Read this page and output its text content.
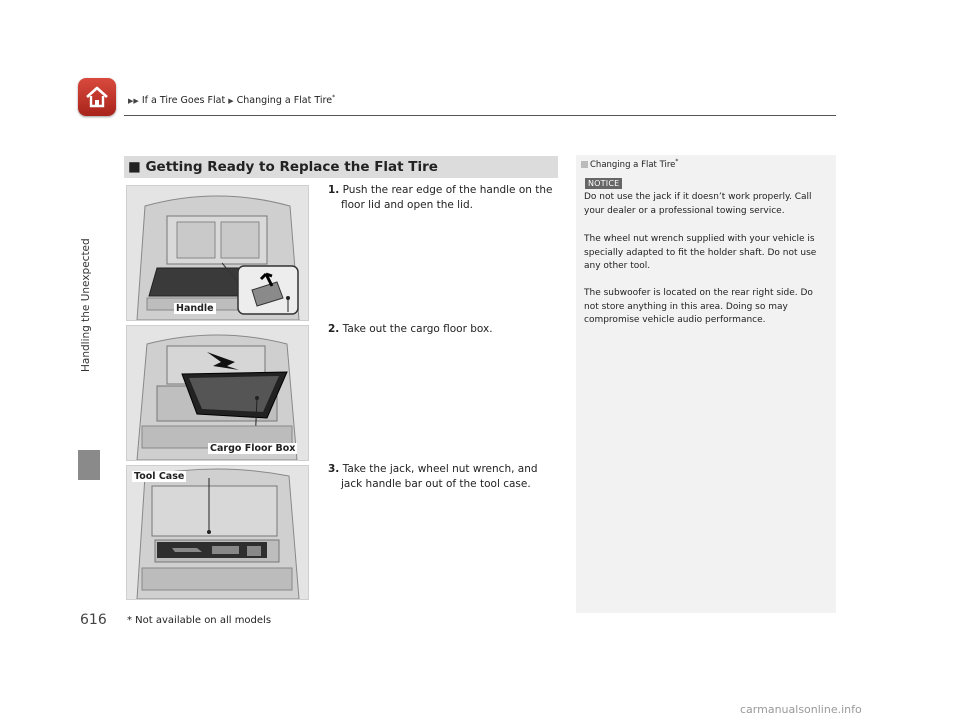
▶▶ If a Tire Goes Flat ▶ Changing a Flat Tire*
Handling the Unexpected
■ Getting Ready to Replace the Flat Tire
Handle
Cargo Floor Box
Tool Case
1. Push the rear edge of the handle on the floor lid and open the lid.
2. Take out the cargo floor box.
3. Take the jack, wheel nut wrench, and jack handle bar out of the tool case.
Changing a Flat Tire*
NOTICE
Do not use the jack if it doesn’t work properly. Call your dealer or a professional towing service.
The wheel nut wrench supplied with your vehicle is specially adapted to fit the holder shaft. Do not use any other tool.
The subwoofer is located on the rear right side. Do not store anything in this area. Doing so may compromise vehicle audio performance.
616 * Not available on all models
carmanualsonline.info
